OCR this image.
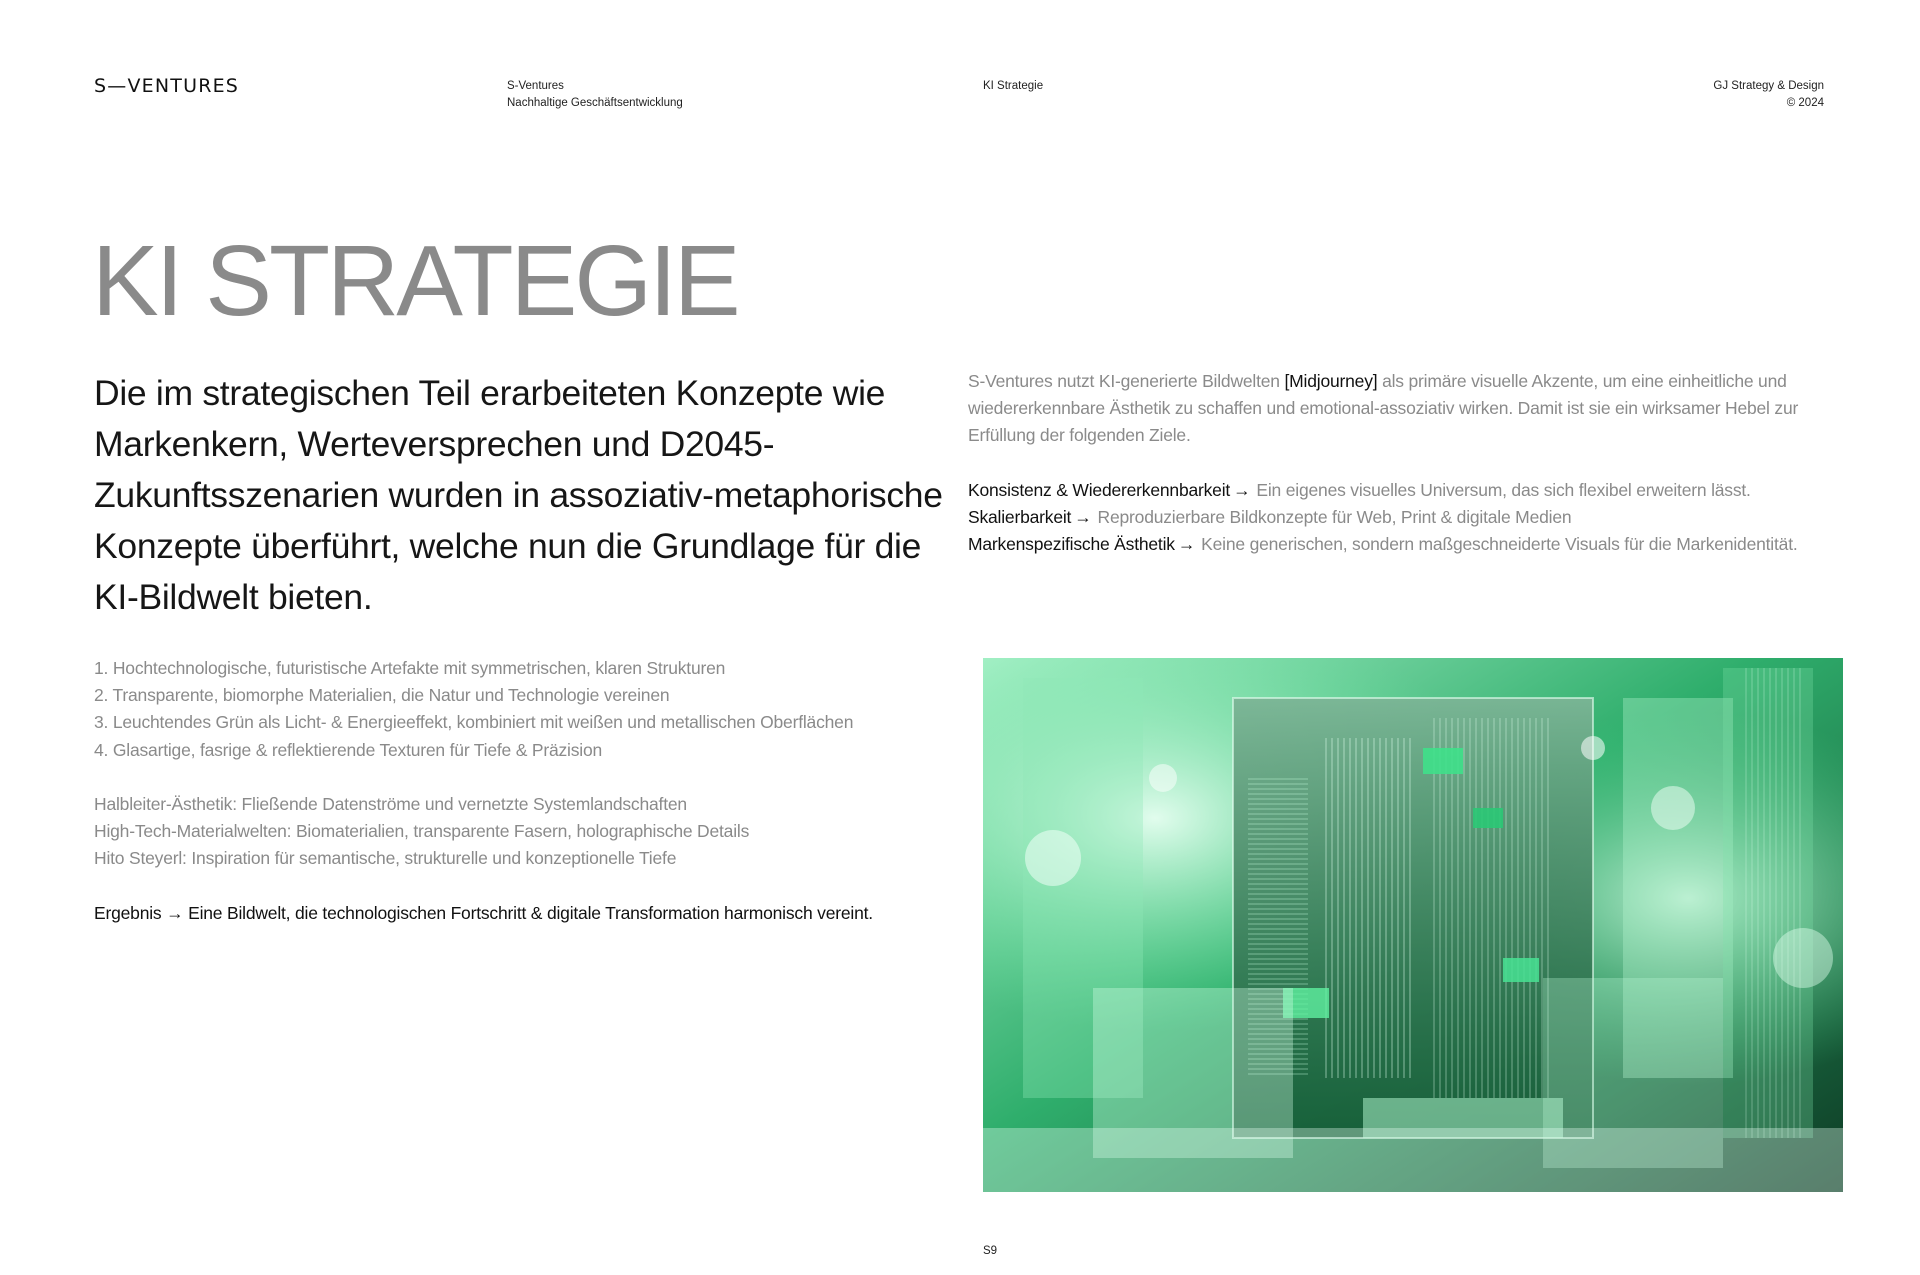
S—VENTURES	S-Ventures
Nachhaltige Geschäftsentwicklung
KI Strategie	GJ Strategy & Design
© 2024
KI STRATEGIE

Die im strategischen Teil erarbeiteten Konzepte wie Markenkern, Werteversprechen und D2045-Zukunftsszenarien wurden in assoziativ-metaphorische Konzepte überführt, welche nun die Grundlage für die KI-Bildwelt bieten.

1. Hochtechnologische, futuristische Artefakte mit symmetrischen, klaren Strukturen
2. Transparente, biomorphe Materialien, die Natur und Technologie vereinen
3. Leuchtendes Grün als Licht- & Energieeffekt, kombiniert mit weißen und metallischen Oberflächen
4. Glasartige, fasrige & reflektierende Texturen für Tiefe & Präzision
Halbleiter-Ästhetik: Fließende Datenströme und vernetzte Systemlandschaften
High-Tech-Materialwelten: Biomaterialien, transparente Fasern, holographische Details
Hito Steyerl: Inspiration für semantische, strukturelle und konzeptionelle Tiefe
Ergebnis → Eine Bildwelt, die technologischen Fortschritt & digitale Transformation harmonisch vereint.

S-Ventures nutzt KI-generierte Bildwelten [Midjourney] als primäre visuelle Akzente, um eine einheitliche und wiedererkennbare Ästhetik zu schaffen und emotional-assoziativ wirken. Damit ist sie ein wirksamer Hebel zur Erfüllung der folgenden Ziele.

Konsistenz & Wiedererkennbarkeit → Ein eigenes visuelles Universum, das sich flexibel erweitern lässt.
Skalierbarkeit → Reproduzierbare Bildkonzepte für Web, Print & digitale Medien
Markenspezifische Ästhetik → Keine generischen, sondern maßgeschneiderte Visuals für die Markenidentität.
S9
